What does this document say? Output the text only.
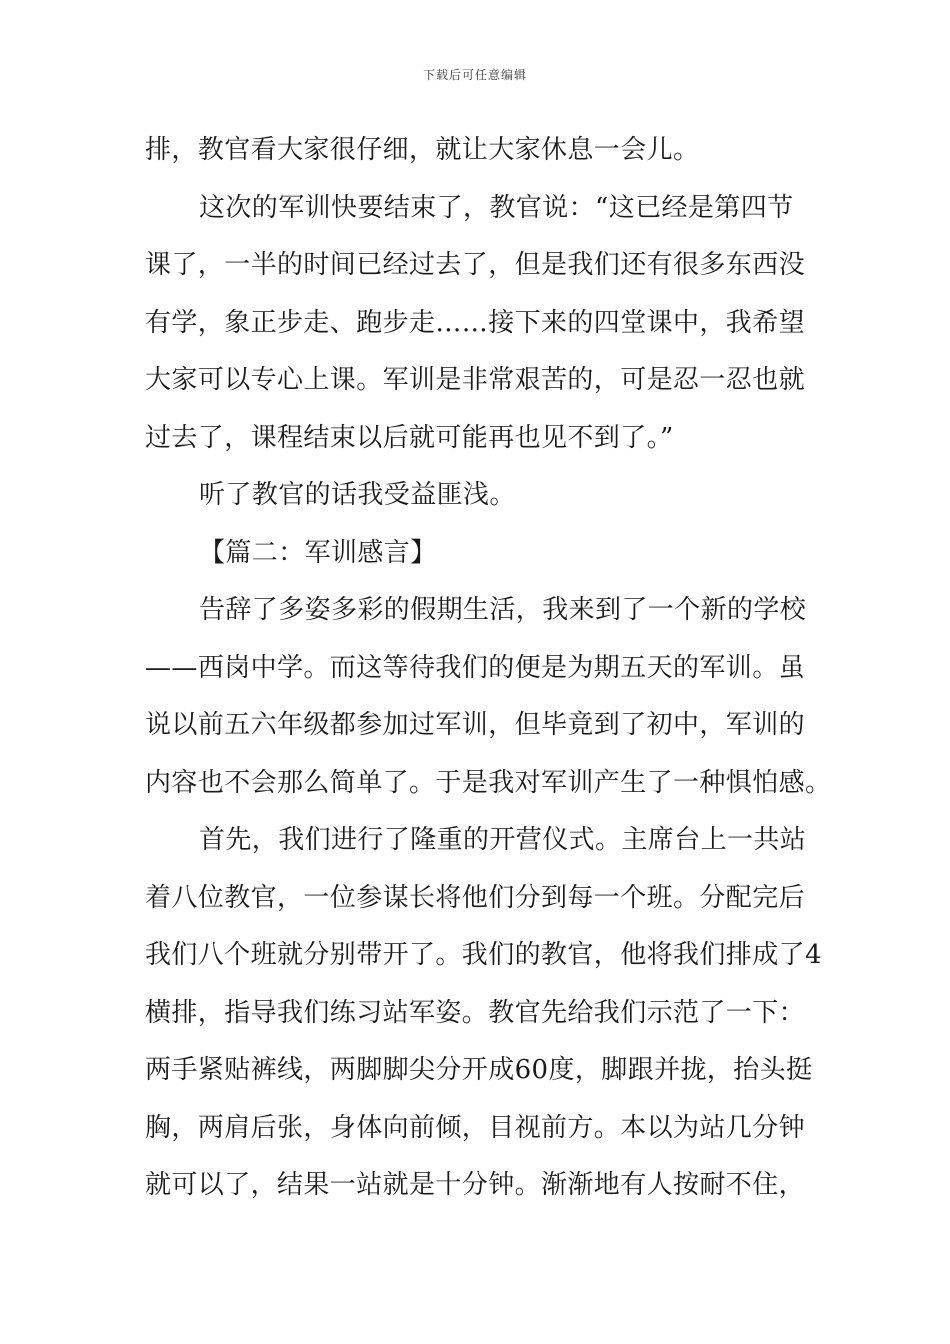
下载后可任意编辑
排，教官看大家很仔细，就让大家休息一会儿。
这次的军训快要结束了，教官说：“这已经是第四节
课了，一半的时间已经过去了，但是我们还有很多东西没
有学，象正步走、跑步走……接下来的四堂课中，我希望
大家可以专心上课。军训是非常艰苦的，可是忍一忍也就
过去了，课程结束以后就可能再也见不到了。”
听了教官的话我受益匪浅。
【篇二：军训感言】
告辞了多姿多彩的假期生活，我来到了一个新的学校
——西岗中学。而这等待我们的便是为期五天的军训。虽
说以前五六年级都参加过军训，但毕竟到了初中，军训的
内容也不会那么简单了。于是我对军训产生了一种惧怕感。
首先，我们进行了隆重的开营仪式。主席台上一共站
着八位教官，一位参谋长将他们分到每一个班。分配完后
我们八个班就分别带开了。我们的教官，他将我们排成了4
横排，指导我们练习站军姿。教官先给我们示范了一下：
两手紧贴裤线，两脚脚尖分开成60度，脚跟并拢，抬头挺
胸，两肩后张，身体向前倾，目视前方。本以为站几分钟
就可以了，结果一站就是十分钟。渐渐地有人按耐不住，
